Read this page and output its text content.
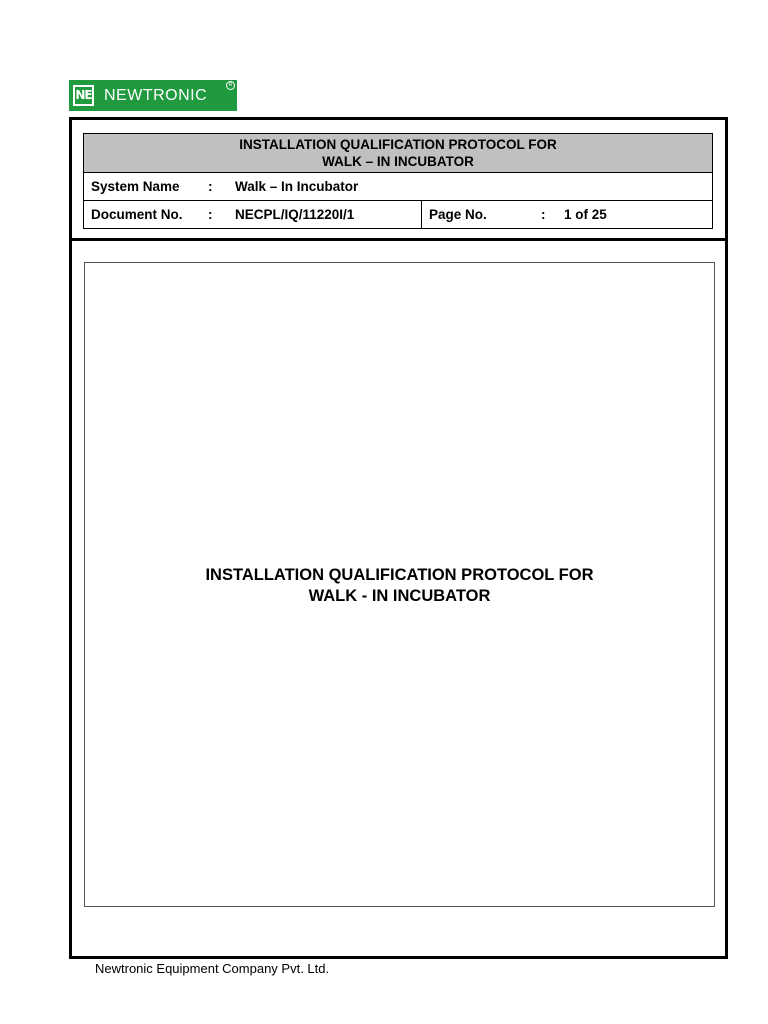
NE NEWTRONIC
R
INSTALLATION QUALIFICATION PROTOCOL FOR
WALK – IN INCUBATOR					

System Name	:	Walk – In Incubator			
Document No.	:	NECPL/IQ/11220I/1	Page No.	:	1 of 25
INSTALLATION QUALIFICATION PROTOCOL FOR
WALK - IN INCUBATOR
Newtronic Equipment Company Pvt. Ltd.
